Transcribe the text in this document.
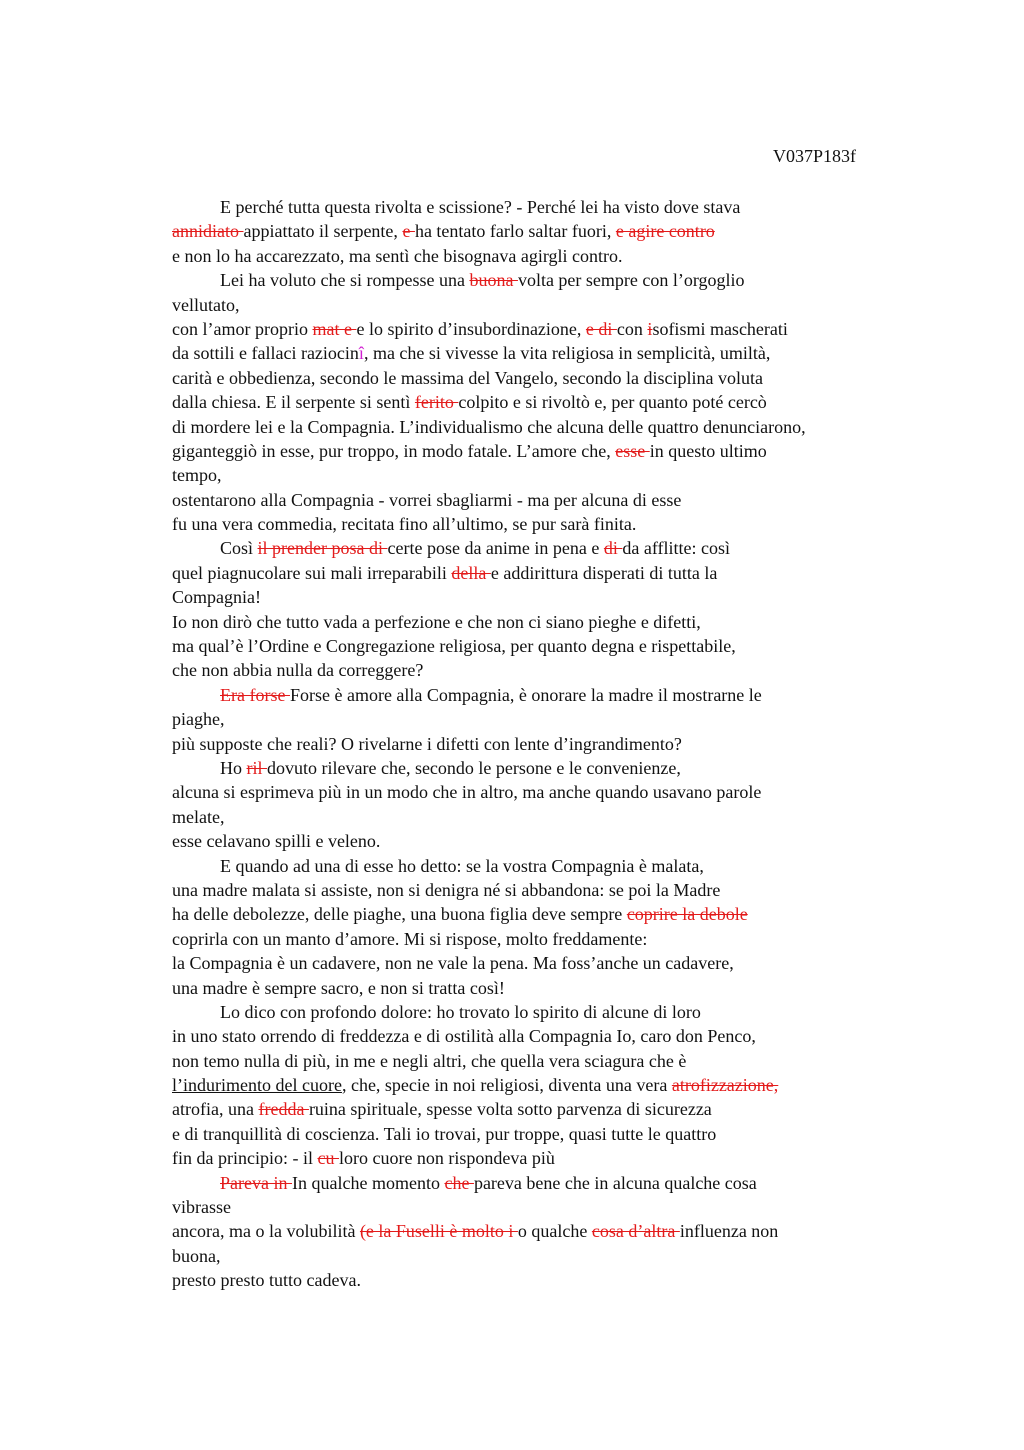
V037P183f
E perché tutta questa rivolta e scissione? - Perché lei ha visto dove stava
annidiato appiattato il serpente, e ha tentato farlo saltar fuori, e agire contro
e non lo ha accarezzato, ma sentì che bisognava agirgli contro.
Lei ha voluto che si rompesse una buona volta per sempre con l’orgoglio
vellutato,
con l’amor proprio mat e e lo spirito d’insubordinazione, e di con isofismi mascherati
da sottili e fallaci raziocinî, ma che si vivesse la vita religiosa in semplicità, umiltà,
carità e obbedienza, secondo le massima del Vangelo, secondo la disciplina voluta
dalla chiesa. E il serpente si sentì ferito colpito e si rivoltò e, per quanto poté cercò
di mordere lei e la Compagnia. L’individualismo che alcuna delle quattro denunciarono,
giganteggiò in esse, pur troppo, in modo fatale. L’amore che, esse in questo ultimo
tempo,
ostentarono alla Compagnia - vorrei sbagliarmi - ma per alcuna di esse
fu una vera commedia, recitata fino all’ultimo, se pur sarà finita.
Così il prender posa di certe pose da anime in pena e di da afflitte: così
quel piagnucolare sui mali irreparabili della e addirittura disperati di tutta la
Compagnia!
Io non dirò che tutto vada a perfezione e che non ci siano pieghe e difetti,
ma qual’è l’Ordine e Congregazione religiosa, per quanto degna e rispettabile,
che non abbia nulla da correggere?
Era forse Forse è amore alla Compagnia, è onorare la madre il mostrarne le
piaghe,
più supposte che reali? O rivelarne i difetti con lente d’ingrandimento?
Ho ril dovuto rilevare che, secondo le persone e le convenienze,
alcuna si esprimeva più in un modo che in altro, ma anche quando usavano parole
melate,
esse celavano spilli e veleno.
E quando ad una di esse ho detto: se la vostra Compagnia è malata,
una madre malata si assiste, non si denigra né si abbandona: se poi la Madre
ha delle debolezze, delle piaghe, una buona figlia deve sempre coprire la debole
coprirla con un manto d’amore. Mi si rispose, molto freddamente:
la Compagnia è un cadavere, non ne vale la pena. Ma foss’anche un cadavere,
una madre è sempre sacro, e non si tratta così!
Lo dico con profondo dolore: ho trovato lo spirito di alcune di loro
in uno stato orrendo di freddezza e di ostilità alla Compagnia Io, caro don Penco,
non temo nulla di più, in me e negli altri, che quella vera sciagura che è
l’indurimento del cuore, che, specie in noi religiosi, diventa una vera atrofizzazione,
atrofia, una fredda ruina spirituale, spesse volta sotto parvenza di sicurezza
e di tranquillità di coscienza. Tali io trovai, pur troppe, quasi tutte le quattro
fin da principio: - il cu loro cuore non rispondeva più
Pareva in In qualche momento che pareva bene che in alcuna qualche cosa
vibrasse
ancora, ma o la volubilità (e la Fuselli è molto i o qualche cosa d’altra influenza non
buona,
presto presto tutto cadeva.
